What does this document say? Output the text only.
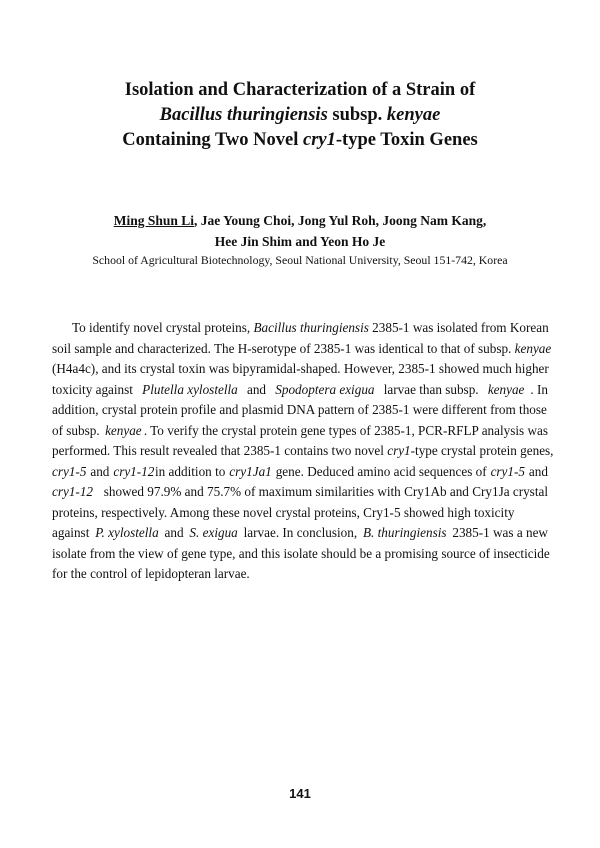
Isolation and Characterization of a Strain of
Bacillus thuringiensis subsp. kenyae
Containing Two Novel cry1-type Toxin Genes
Ming Shun Li, Jae Young Choi, Jong Yul Roh, Joong Nam Kang,
Hee Jin Shim and Yeon Ho Je
School of Agricultural Biotechnology, Seoul National University, Seoul 151-742, Korea
To identify novel crystal proteins, Bacillus thuringiensis 2385-1 was isolated from Korean
soil sample and characterized. The H-serotype of 2385-1 was identical to that of subsp. kenyae
(H4a4c), and its crystal toxin was bipyramidal-shaped. However, 2385-1 showed much higher
toxicity against Plutella xylostella and Spodoptera exigua larvae than subsp. kenyae . In
addition, crystal protein profile and plasmid DNA pattern of 2385-1 were different from those
of subsp. kenyae . To verify the crystal protein gene types of 2385-1, PCR-RFLP analysis was
performed. This result revealed that 2385-1 contains two novel cry1 -type crystal protein genes,
cry1-5 and cry1-12 in addition to cry1Ja1 gene. Deduced amino acid sequences of cry1-5 and
cry1-12 showed 97.9% and 75.7% of maximum similarities with Cry1Ab and Cry1Ja crystal
proteins, respectively. Among these novel crystal proteins, Cry1-5 showed high toxicity
against P. xylostella and S. exigua larvae. In conclusion, B. thuringiensis 2385-1 was a new
isolate from the view of gene type, and this isolate should be a promising source of insecticide
for the control of lepidopteran larvae.
141
